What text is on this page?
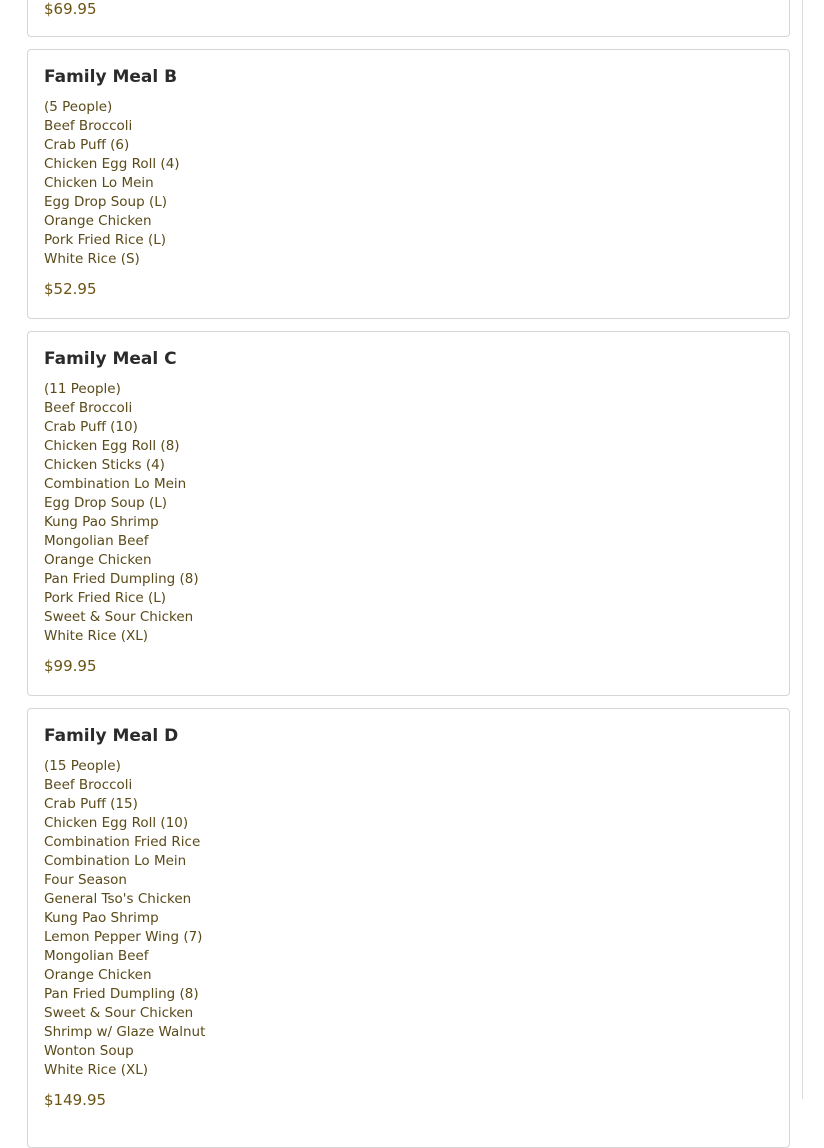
$69.95
Family Meal B
(5 People)
Beef Broccoli
Crab Puff (6)
Chicken Egg Roll (4)
Chicken Lo Mein
Egg Drop Soup (L)
Orange Chicken
Pork Fried Rice (L)
White Rice (S)
$52.95
Family Meal C
(11 People)
Beef Broccoli
Crab Puff (10)
Chicken Egg Roll (8)
Chicken Sticks (4)
Combination Lo Mein
Egg Drop Soup (L)
Kung Pao Shrimp
Mongolian Beef
Orange Chicken
Pan Fried Dumpling (8)
Pork Fried Rice (L)
Sweet & Sour Chicken
White Rice (XL)
$99.95
Family Meal D
(15 People)
Beef Broccoli
Crab Puff (15)
Chicken Egg Roll (10)
Combination Fried Rice
Combination Lo Mein
Four Season
General Tso's Chicken
Kung Pao Shrimp
Lemon Pepper Wing (7)
Mongolian Beef
Orange Chicken
Pan Fried Dumpling (8)
Sweet & Sour Chicken
Shrimp w/ Glaze Walnut
Wonton Soup
White Rice (XL)
$149.95
